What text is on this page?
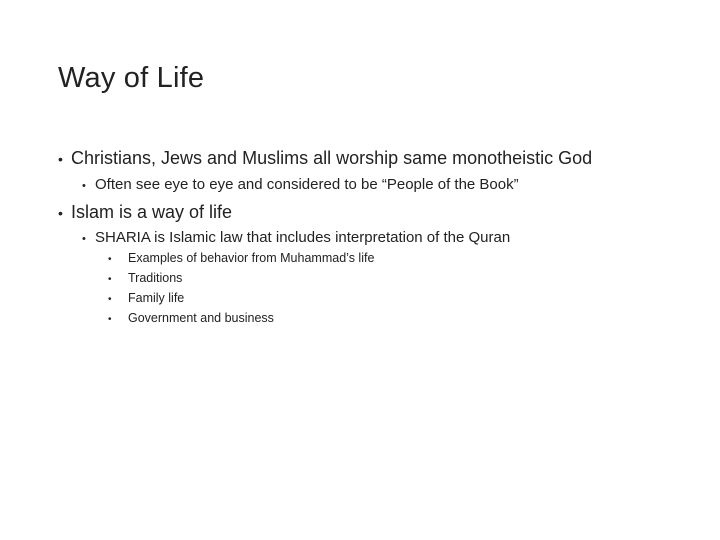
Way of Life
• Christians, Jews and Muslims all worship same monotheistic God
• Often see eye to eye and considered to be “People of the Book”
• Islam is a way of life
• SHARIA is Islamic law that includes interpretation of the Quran
•	Examples of behavior from Muhammad’s life
•	Traditions
•	Family life
•	Government and business
